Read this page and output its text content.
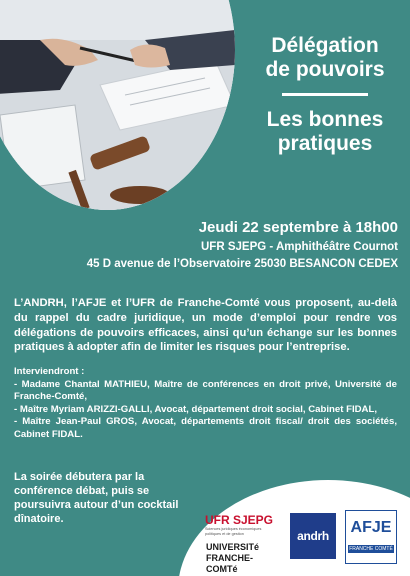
Délégation
de pouvoirs
Les bonnes
pratiques
Jeudi 22 septembre à 18h00
UFR SJEPG - Amphithéâtre Cournot
45 D avenue de l’Observatoire 25030 BESANCON CEDEX
L’ANDRH, l’AFJE et l’UFR de Franche-Comté vous proposent, au-delà du rappel du cadre juridique, un mode d’emploi pour rendre vos délégations de pouvoirs efficaces, ainsi qu’un échange sur les bonnes pratiques à adopter afin de limiter les risques pour l’entreprise.
Interviendront :
- Madame Chantal MATHIEU, Maître de conférences en droit privé, Université de Franche-Comté,
- Maître Myriam ARIZZI-GALLI, Avocat, département droit social, Cabinet FIDAL,
- Maître Jean-Paul GROS, Avocat, départements droit fiscal/ droit des sociétés, Cabinet FIDAL.
La soirée débutera par la conférence débat, puis se poursuivra autour d’un cocktail dînatoire.	UFR SJEPG
Sciences juridiques économiques politiques et de gestion
UNIVERSITé
FRANCHE-COMTé
andrh	AFJE
FRANCHE COMTÉ
